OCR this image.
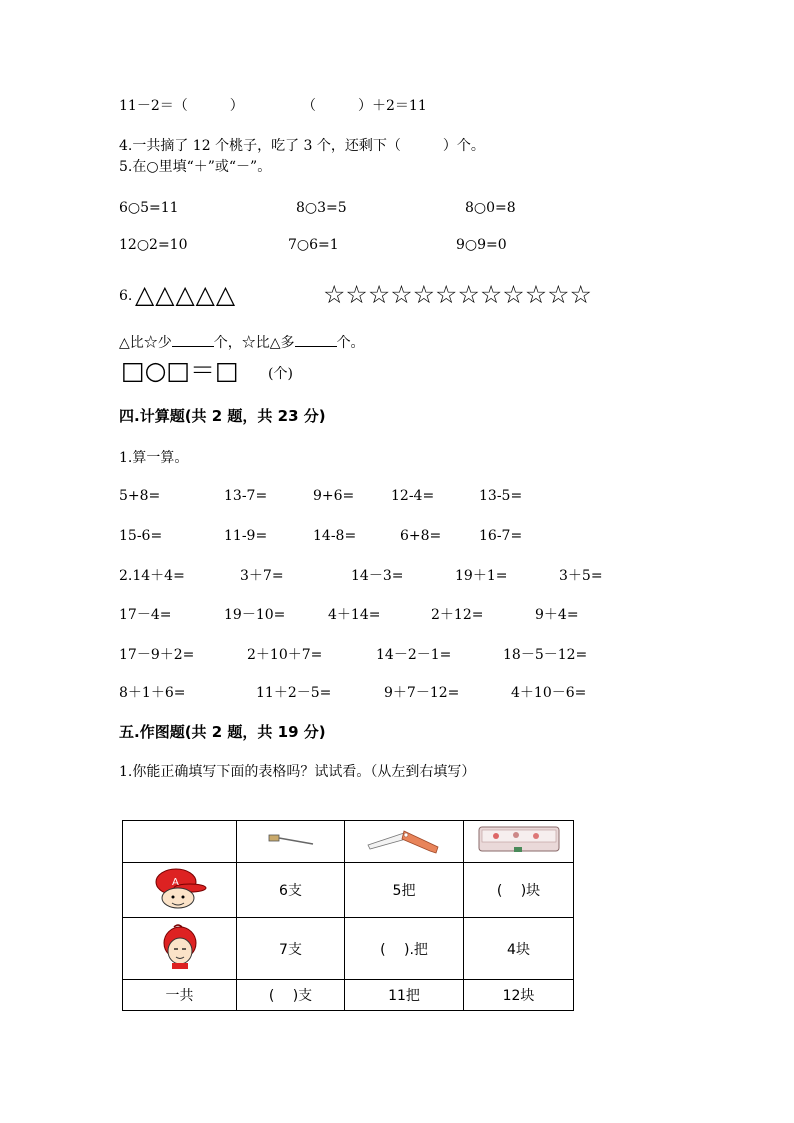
11－2＝（　　　）	（　　　）＋2＝11
4.一共摘了 12 个桃子，吃了 3 个，还剩下（　　　）个。
5.在○里填“＋”或“－”。
6○5=11	8○3=5	8○0=8
12○2=10	7○6=1	9○9=0
6. △△△△△	☆☆☆☆☆☆☆☆☆☆☆☆
△比☆少	个，☆比△多	个。
□○□＝□ (个)
四.计算题(共 2 题，共 23 分)
1.算一算。
5+8=	13-7=	9+6=	12-4=	13-5=
15-6=	11-9=	14-8=	6+8=	16-7=
2.14＋4=	3＋7=	14－3=	19＋1=	3＋5=
17－4=	19－10=	4＋14=	2＋12=	9＋4=
17－9＋2=	2＋10＋7=	14－2－1=	18－5－12=
8＋1＋6=	11＋2－5=	9＋7－12=	4＋10－6=
五.作图题(共 2 题，共 19 分)
1.你能正确填写下面的表格吗？试试看。（从左到右填写）

A	6支	5把	(　 )块
	7支	(　 ).把	4块
一共	(　 )支	11把	12块
